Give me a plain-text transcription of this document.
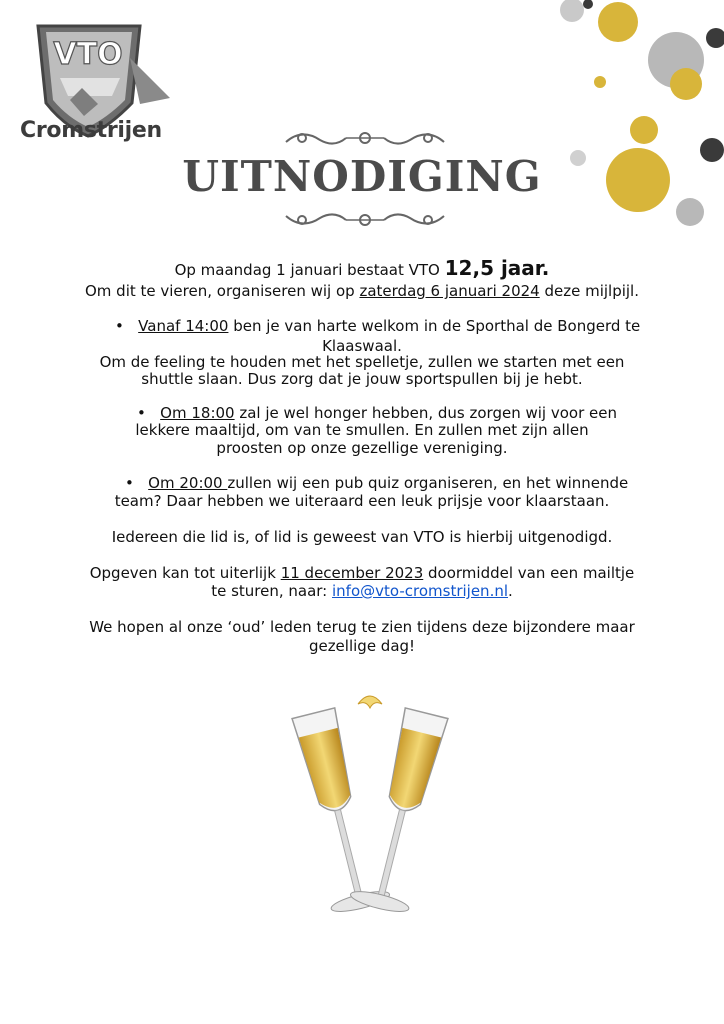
VTO
Cromstrijen
UITNODIGING
Op maandag 1 januari bestaat VTO 12,5 jaar.
Om dit te vieren, organiseren wij op zaterdag 6 januari 2024 deze mijlpijl.
• Vanaf 14:00 ben je van harte welkom in de Sporthal de Bongerd te
Klaaswaal.
Om de feeling te houden met het spelletje, zullen we starten met een
shuttle slaan. Dus zorg dat je jouw sportspullen bij je hebt.
• Om 18:00 zal je wel honger hebben, dus zorgen wij voor een
lekkere maaltijd, om van te smullen. En zullen met zijn allen
proosten op onze gezellige vereniging.
• Om 20:00 zullen wij een pub quiz organiseren, en het winnende
team? Daar hebben we uiteraard een leuk prijsje voor klaarstaan.
Iedereen die lid is, of lid is geweest van VTO is hierbij uitgenodigd.
Opgeven kan tot uiterlijk 11 december 2023 doormiddel van een mailtje
te sturen, naar: info@vto-cromstrijen.nl.
We hopen al onze ‘oud’ leden terug te zien tijdens deze bijzondere maar
gezellige dag!
